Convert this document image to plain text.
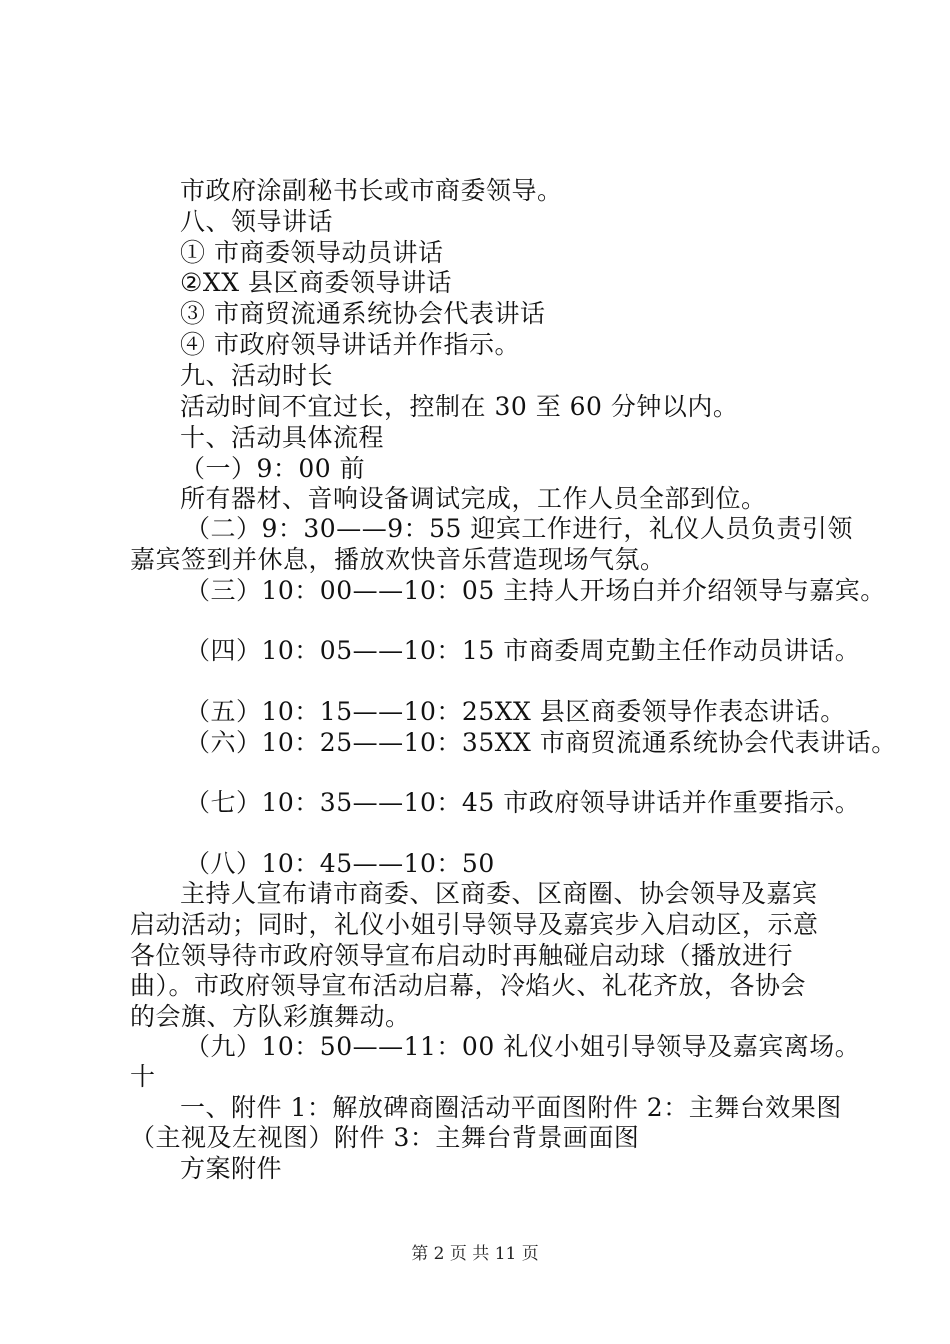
市政府涂副秘书长或市商委领导。
八、领导讲话
① 市商委领导动员讲话
②XX 县区商委领导讲话
③ 市商贸流通系统协会代表讲话
④ 市政府领导讲话并作指示。
九、活动时长
活动时间不宜过长，控制在 30 至 60 分钟以内。
十、活动具体流程
（一）9：00 前
所有器材、音响设备调试完成，工作人员全部到位。
（二）9：30——9：55 迎宾工作进行，礼仪人员负责引领
嘉宾签到并休息，播放欢快音乐营造现场气氛。
（三）10：00——10：05 主持人开场白并介绍领导与嘉宾。
（四）10：05——10：15 市商委周克勤主任作动员讲话。
（五）10：15——10：25XX 县区商委领导作表态讲话。
（六）10：25——10：35XX 市商贸流通系统协会代表讲话。
（七）10：35——10：45 市政府领导讲话并作重要指示。
（八）10：45——10：50
主持人宣布请市商委、区商委、区商圈、协会领导及嘉宾
启动活动；同时，礼仪小姐引导领导及嘉宾步入启动区，示意
各位领导待市政府领导宣布启动时再触碰启动球（播放进行
曲）。市政府领导宣布活动启幕，冷焰火、礼花齐放，各协会
的会旗、方队彩旗舞动。
（九）10：50——11：00 礼仪小姐引导领导及嘉宾离场。
十
一、附件 1：解放碑商圈活动平面图附件 2：主舞台效果图
（主视及左视图）附件 3：主舞台背景画面图
方案附件
第 2 页 共 11 页
